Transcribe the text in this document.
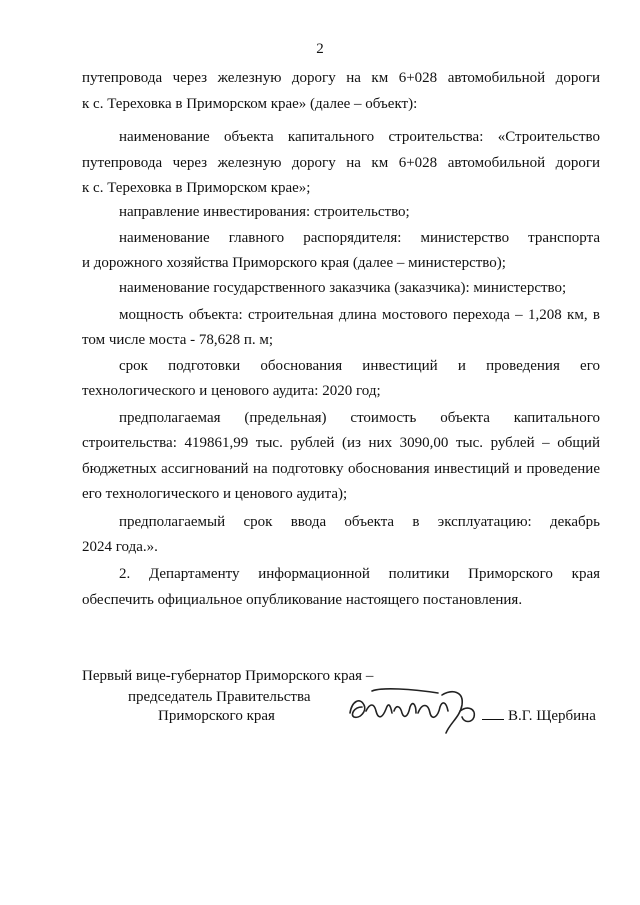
2
путепровода через железную дорогу на км 6+028 автомобильной дороги
к с. Тереховка в Приморском крае» (далее – объект):
наименование объекта капитального строительства: «Строительство
путепровода через железную дорогу на км 6+028 автомобильной дороги
к с. Тереховка в Приморском крае»;
направление инвестирования: строительство;
наименование главного распорядителя: министерство транспорта
и дорожного хозяйства Приморского края (далее – министерство);
наименование государственного заказчика (заказчика): министерство;
мощность объекта: строительная длина мостового перехода – 1,208 км, в
том числе моста - 78,628 п. м;
срок подготовки обоснования инвестиций и проведения его
технологического и ценового аудита: 2020 год;
предполагаемая (предельная) стоимость объекта капитального
строительства: 419861,99 тыс. рублей (из них 3090,00 тыс. рублей – общий
бюджетных ассигнований на подготовку обоснования инвестиций и проведение
его технологического и ценового аудита);
предполагаемый срок ввода объекта в эксплуатацию: декабрь
2024 года.».
2. Департаменту информационной политики Приморского края
обеспечить официальное опубликование настоящего постановления.
Первый вице-губернатор Приморского края –
председатель Правительства
Приморского края	В.Г. Щербина
